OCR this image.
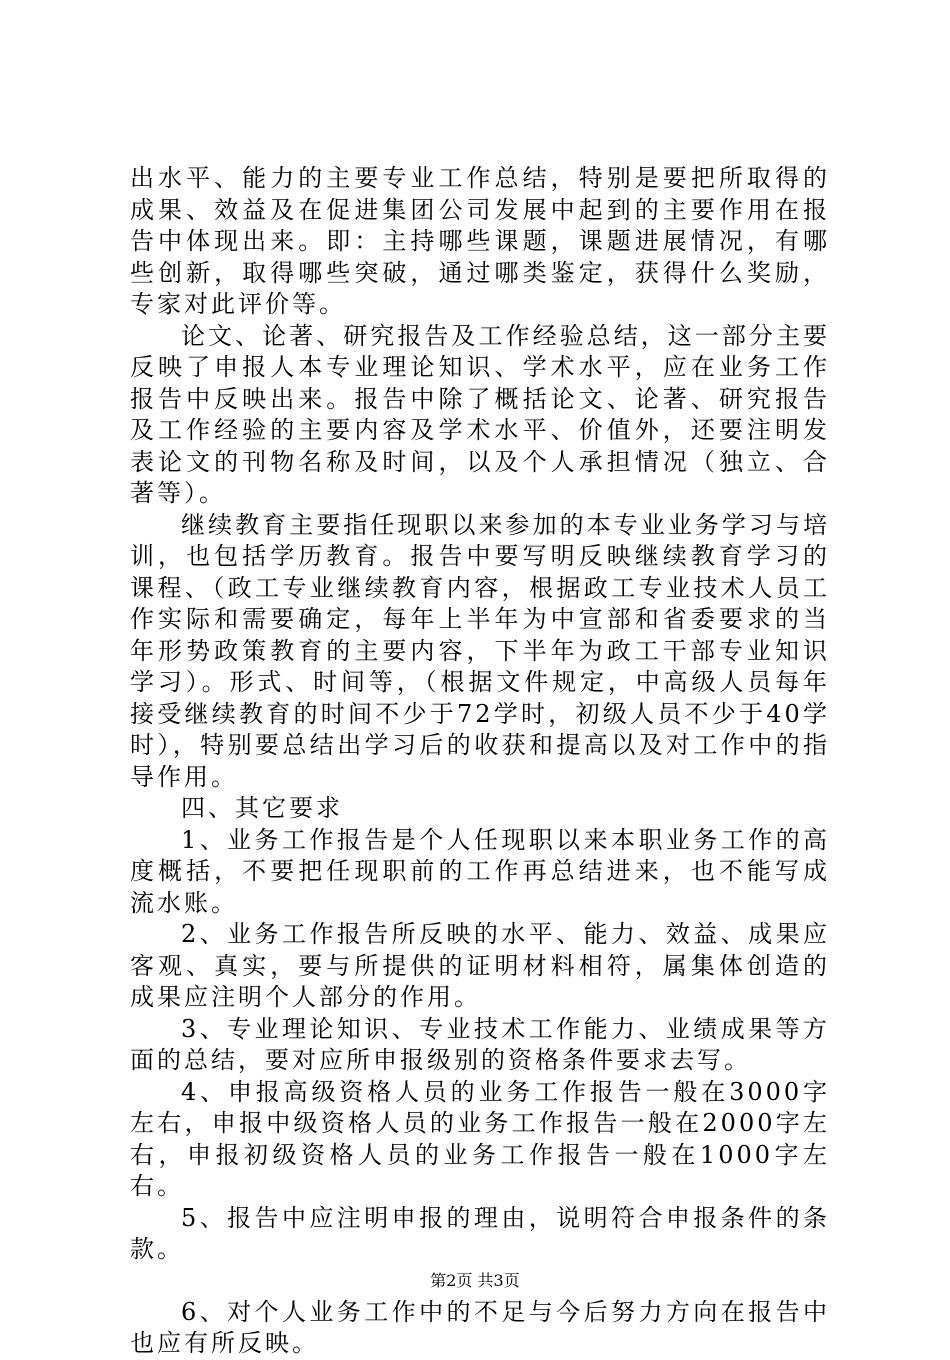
出水平、能力的主要专业工作总结，特别是要把所取得的成果、效益及在促进集团公司发展中起到的主要作用在报告中体现出来。即：主持哪些课题，课题进展情况，有哪些创新，取得哪些突破，通过哪类鉴定，获得什么奖励，专家对此评价等。

论文、论著、研究报告及工作经验总结，这一部分主要反映了申报人本专业理论知识、学术水平，应在业务工作报告中反映出来。报告中除了概括论文、论著、研究报告及工作经验的主要内容及学术水平、价值外，还要注明发表论文的刊物名称及时间，以及个人承担情况（独立、合著等）。

继续教育主要指任现职以来参加的本专业业务学习与培训，也包括学历教育。报告中要写明反映继续教育学习的课程、（政工专业继续教育内容，根据政工专业技术人员工作实际和需要确定，每年上半年为中宣部和省委要求的当年形势政策教育的主要内容，下半年为政工干部专业知识学习）。形式、时间等，（根据文件规定，中高级人员每年接受继续教育的时间不少于72学时，初级人员不少于40学时），特别要总结出学习后的收获和提高以及对工作中的指导作用。

四、其它要求

1、业务工作报告是个人任现职以来本职业务工作的高度概括，不要把任现职前的工作再总结进来，也不能写成流水账。

2、业务工作报告所反映的水平、能力、效益、成果应客观、真实，要与所提供的证明材料相符，属集体创造的成果应注明个人部分的作用。

3、专业理论知识、专业技术工作能力、业绩成果等方面的总结，要对应所申报级别的资格条件要求去写。

4、申报高级资格人员的业务工作报告一般在3000字左右，申报中级资格人员的业务工作报告一般在2000字左右，申报初级资格人员的业务工作报告一般在1000字左右。

5、报告中应注明申报的理由，说明符合申报条件的条款。

6、对个人业务工作中的不足与今后努力方向在报告中也应有所反映。

第2页 共3页
